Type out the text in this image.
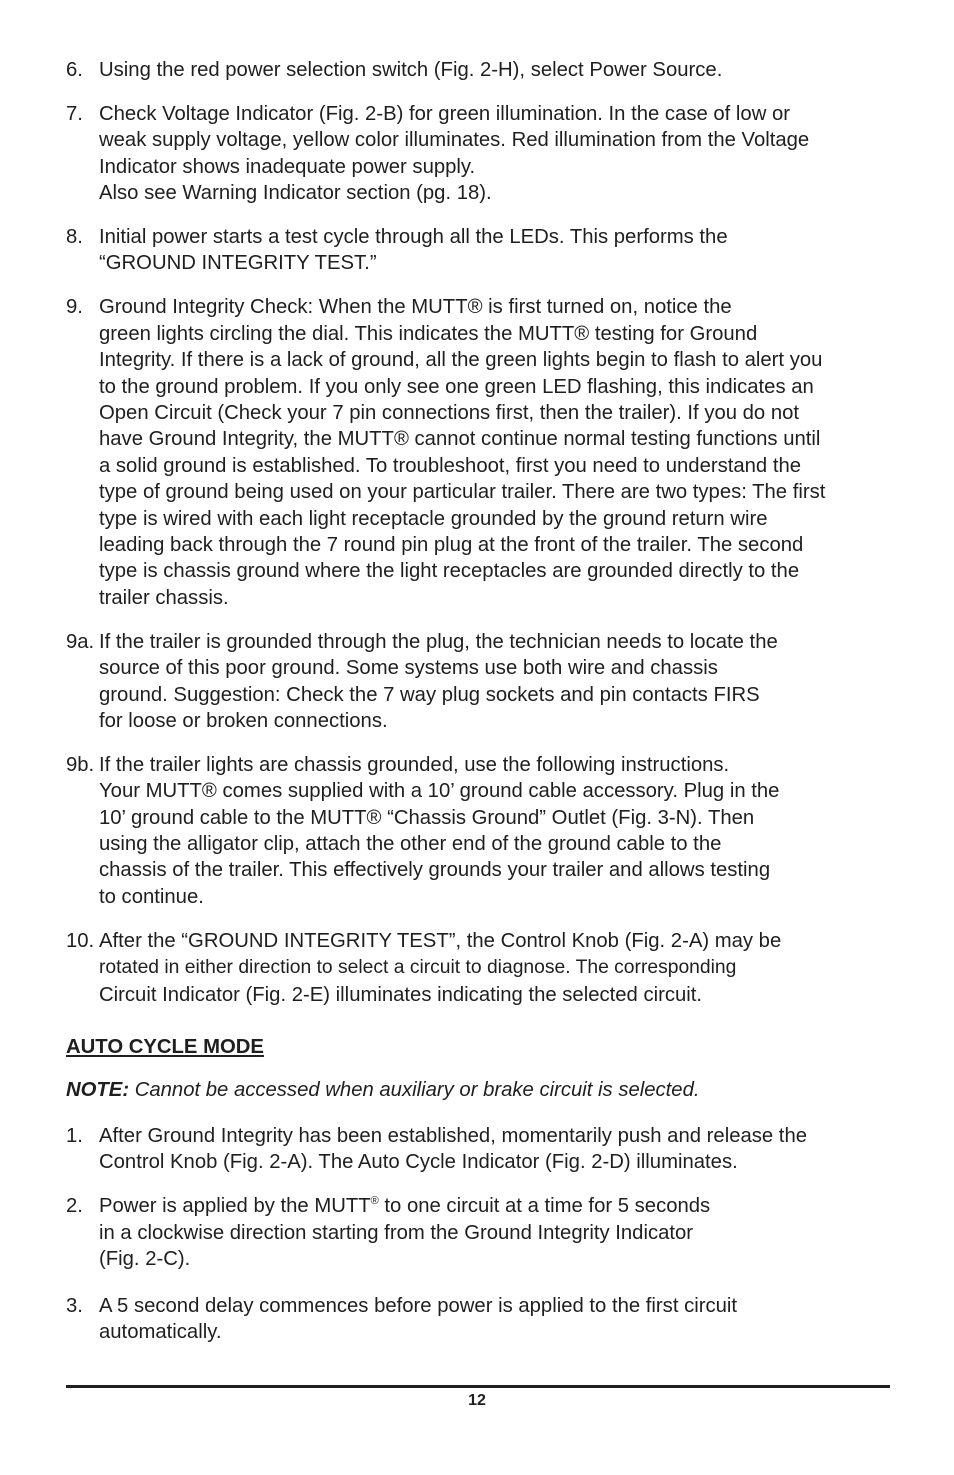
6. Using the red power selection switch (Fig. 2-H), select Power Source.
7. Check Voltage Indicator (Fig. 2-B) for green illumination. In the case of low or
weak supply voltage, yellow color illuminates. Red illumination from the Voltage
Indicator shows inadequate power supply.
Also see Warning Indicator section (pg. 18).
8. Initial power starts a test cycle through all the LEDs. This performs the
“GROUND INTEGRITY TEST.”
9. Ground Integrity Check: When the MUTT® is first turned on, notice the
green lights circling the dial. This indicates the MUTT® testing for Ground
Integrity. If there is a lack of ground, all the green lights begin to flash to alert you
to the ground problem. If you only see one green LED flashing, this indicates an
Open Circuit (Check your 7 pin connections first, then the trailer). If you do not
have Ground Integrity, the MUTT® cannot continue normal testing functions until
a solid ground is established. To troubleshoot, first you need to understand the
type of ground being used on your particular trailer. There are two types: The first
type is wired with each light receptacle grounded by the ground return wire
leading back through the 7 round pin plug at the front of the trailer. The second
type is chassis ground where the light receptacles are grounded directly to the
trailer chassis.
9a. If the trailer is grounded through the plug, the technician needs to locate the
source of this poor ground. Some systems use both wire and chassis
ground. Suggestion: Check the 7 way plug sockets and pin contacts FIRS
for loose or broken connections.
9b. If the trailer lights are chassis grounded, use the following instructions.
Your MUTT® comes supplied with a 10’ ground cable accessory. Plug in the
10’ ground cable to the MUTT® “Chassis Ground” Outlet (Fig. 3-N). Then
using the alligator clip, attach the other end of the ground cable to the
chassis of the trailer. This effectively grounds your trailer and allows testing
to continue.
10. After the “GROUND INTEGRITY TEST”, the Control Knob (Fig. 2-A) may be
rotated in either direction to select a circuit to diagnose. The corresponding
Circuit Indicator (Fig. 2-E) illuminates indicating the selected circuit.
AUTO CYCLE MODE
NOTE: Cannot be accessed when auxiliary or brake circuit is selected.
1. After Ground Integrity has been established, momentarily push and release the
Control Knob (Fig. 2-A). The Auto Cycle Indicator (Fig. 2-D) illuminates.
2. Power is applied by the MUTT® to one circuit at a time for 5 seconds
in a clockwise direction starting from the Ground Integrity Indicator
(Fig. 2-C).
3. A 5 second delay commences before power is applied to the first circuit
automatically.
12
